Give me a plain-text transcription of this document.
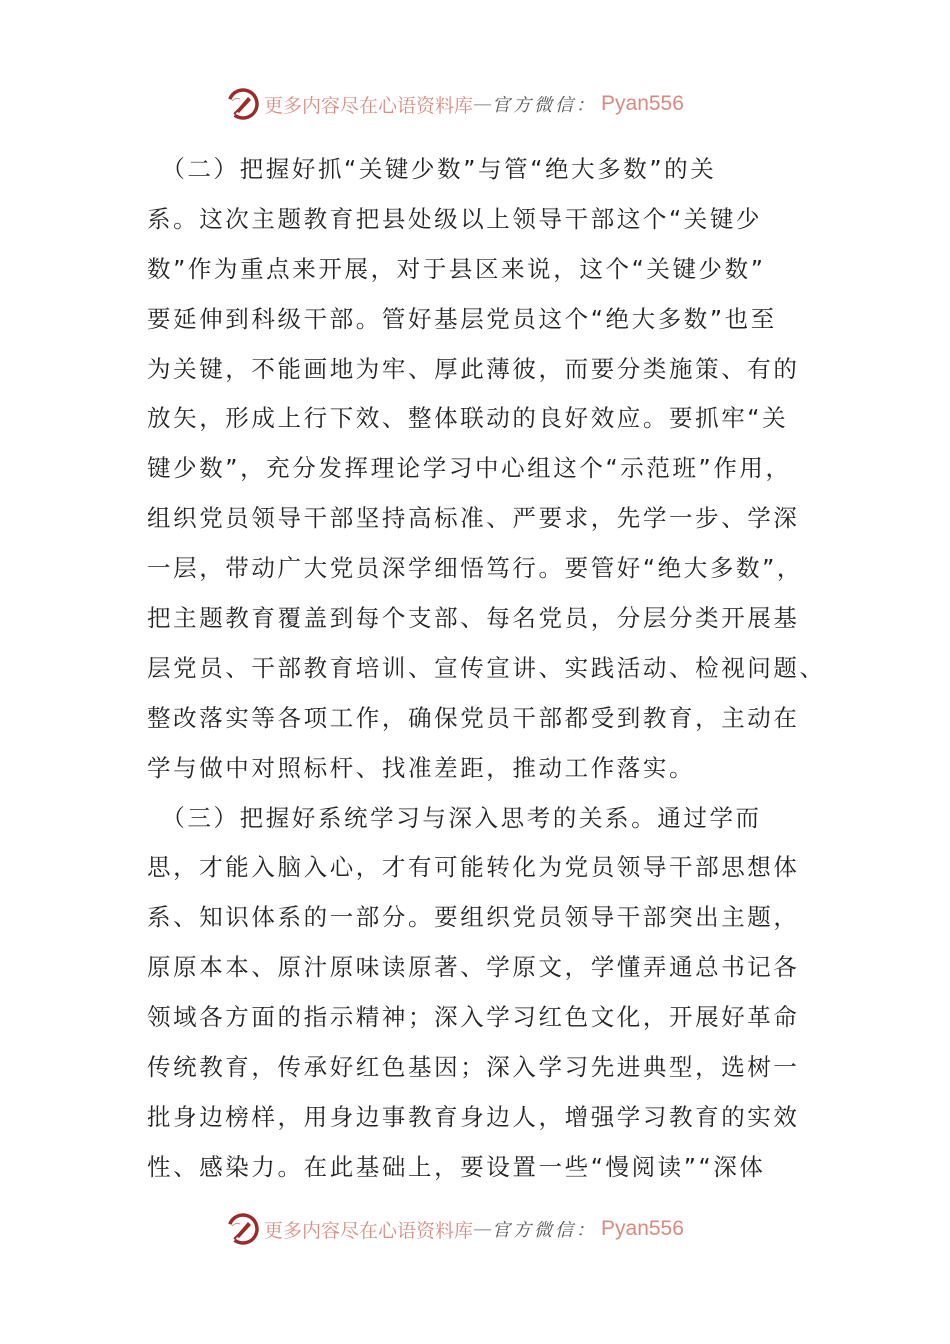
更多内容尽在心语资料库 — 官方微信： Pyan556
　（二）把握好抓“关键少数”与管“绝大多数”的关
系。这次主题教育把县处级以上领导干部这个“关键少
数”作为重点来开展，对于县区来说，这个“关键少数”
要延伸到科级干部。管好基层党员这个“绝大多数”也至
为关键，不能画地为牢、厚此薄彼，而要分类施策、有的
放矢，形成上行下效、整体联动的良好效应。要抓牢“关
键少数”，充分发挥理论学习中心组这个“示范班”作用，
组织党员领导干部坚持高标准、严要求，先学一步、学深
一层，带动广大党员深学细悟笃行。要管好“绝大多数”，
把主题教育覆盖到每个支部、每名党员，分层分类开展基
层党员、干部教育培训、宣传宣讲、实践活动、检视问题、
整改落实等各项工作，确保党员干部都受到教育，主动在
学与做中对照标杆、找准差距，推动工作落实。
　（三）把握好系统学习与深入思考的关系。通过学而
思，才能入脑入心，才有可能转化为党员领导干部思想体
系、知识体系的一部分。要组织党员领导干部突出主题，
原原本本、原汁原味读原著、学原文，学懂弄通总书记各
领域各方面的指示精神；深入学习红色文化，开展好革命
传统教育，传承好红色基因；深入学习先进典型，选树一
批身边榜样，用身边事教育身边人，增强学习教育的实效
性、感染力。在此基础上，要设置一些“慢阅读”“深体
更多内容尽在心语资料库 — 官方微信： Pyan556
